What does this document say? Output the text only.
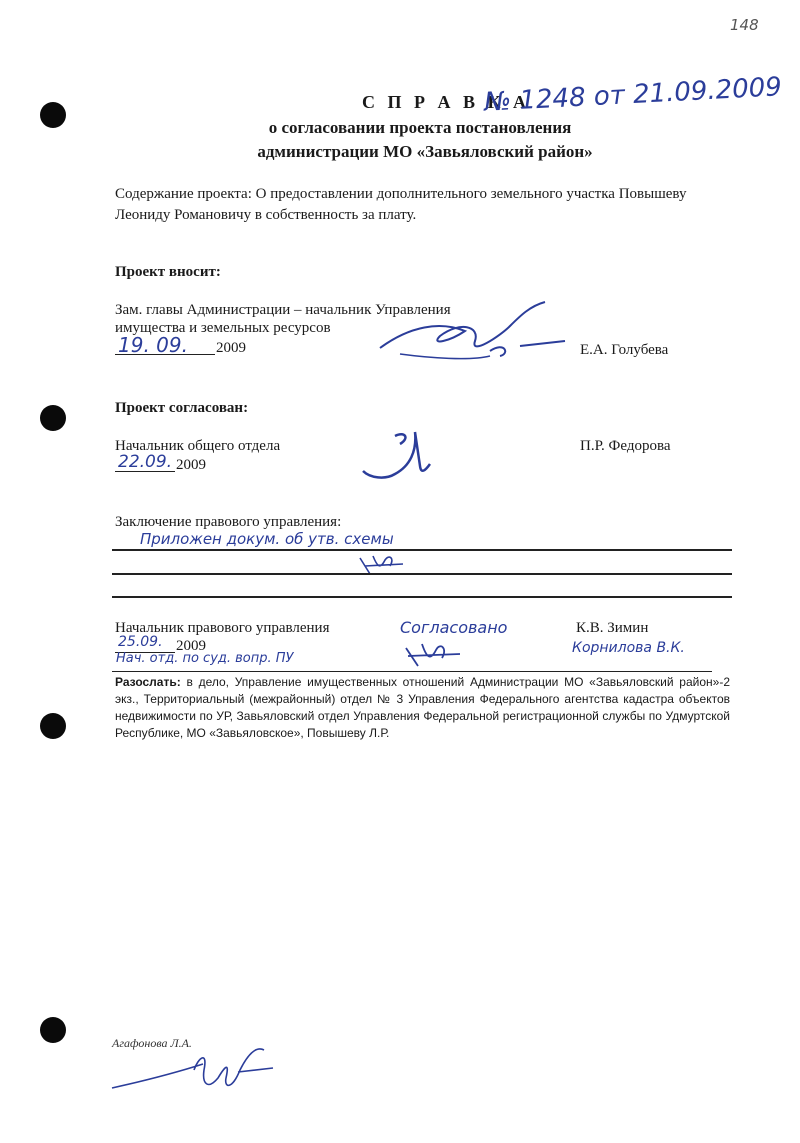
148
С П Р А В К А
№ 1248 от 21.09.2009
о согласовании проекта постановления
администрации МО «Завьяловский район»
Содержание проекта: О предоставлении дополнительного земельного участка Повышеву
Леониду Романовичу в собственность за плату.
Проект вносит:
Зам. главы Администрации – начальник Управления
имущества и земельных ресурсов
19. 09. 2009	Е.А. Голубева
Проект согласован:
Начальник общего отдела
22.09. 2009
П.Р. Федорова
Заключение правового управления:
Приложен докум. об утв. схемы
Начальник правового управления
25.09. 2009
Нач. отд. по суд. вопр. ПУ
Согласовано	К.В. Зимин
Корнилова В.К.
Разослать: в дело, Управление имущественных отношений Администрации МО «Завьяловский район»-2 экз., Территориальный (межрайонный) отдел № 3 Управления Федерального агентства кадастра объектов недвижимости по УР, Завьяловский отдел Управления Федеральной регистрационной службы по Удмуртской Республике, МО «Завьяловское», Повышеву Л.Р.
Агафонова Л.А.
